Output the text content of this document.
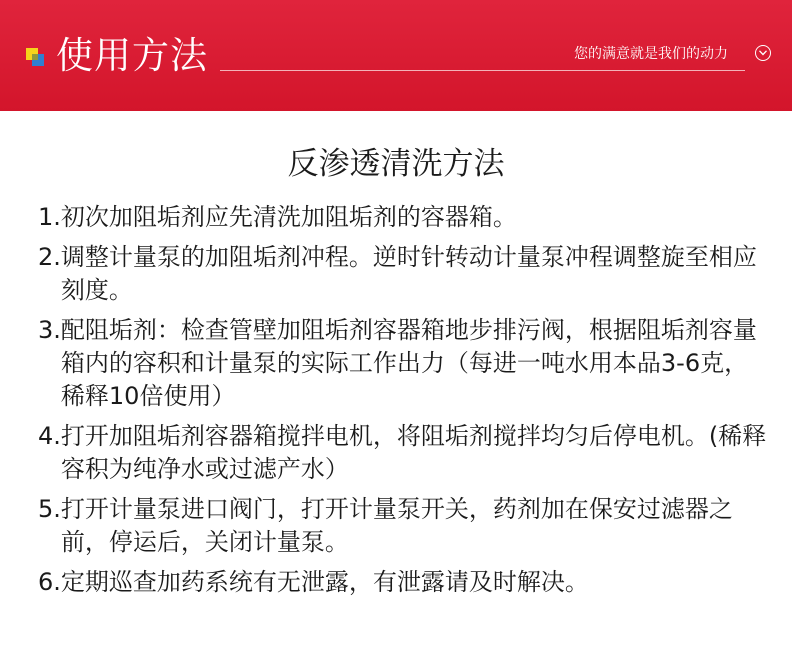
使用方法	您的满意就是我们的动力
反渗透清洗方法
1. 初次加阻垢剂应先清洗加阻垢剂的容器箱。
2. 调整计量泵的加阻垢剂冲程。逆时针转动计量泵冲程调整旋至相应刻度。
3. 配阻垢剂：检查管壁加阻垢剂容器箱地步排污阀，根据阻垢剂容量箱内的容积和计量泵的实际工作出力（每进一吨水用本品3-6克，稀释10倍使用）
4. 打开加阻垢剂容器箱搅拌电机，将阻垢剂搅拌均匀后停电机。(稀释容积为纯净水或过滤产水）
5. 打开计量泵进口阀门，打开计量泵开关，药剂加在保安过滤器之前，停运后，关闭计量泵。
6. 定期巡查加药系统有无泄露，有泄露请及时解决。
